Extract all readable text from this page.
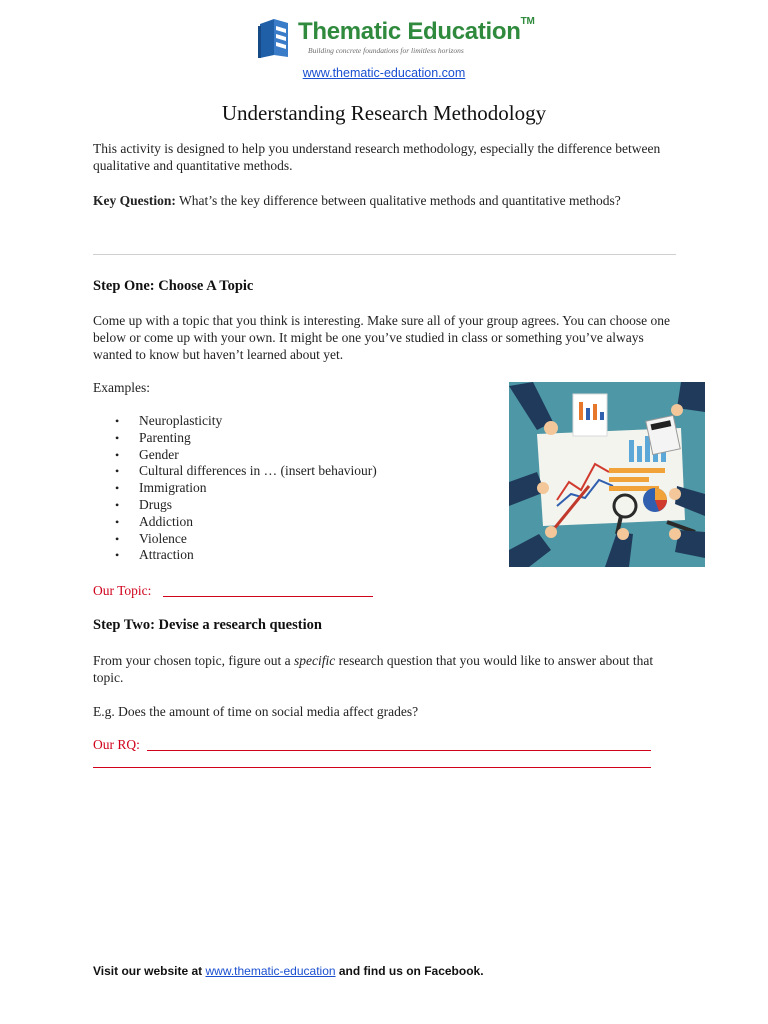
Thematic Education™
Building concrete foundations for limitless horizons
www.thematic-education.com
Understanding Research Methodology
This activity is designed to help you understand research methodology, especially the difference between qualitative and quantitative methods.
Key Question: What’s the key difference between qualitative methods and quantitative methods?
Step One: Choose A Topic
Come up with a topic that you think is interesting. Make sure all of your group agrees. You can choose one below or come up with your own. It might be one you’ve studied in class or something you’ve always wanted to know but haven’t learned about yet.
Examples:
• Neuroplasticity
• Parenting
• Gender
• Cultural differences in … (insert behaviour)
• Immigration
• Drugs
• Addiction
• Violence
• Attraction
Our Topic:
Step Two: Devise a research question
From your chosen topic, figure out a specific research question that you would like to answer about that topic.
E.g. Does the amount of time on social media affect grades?
Our RQ:
Visit our website at www.thematic-education and find us on Facebook.
